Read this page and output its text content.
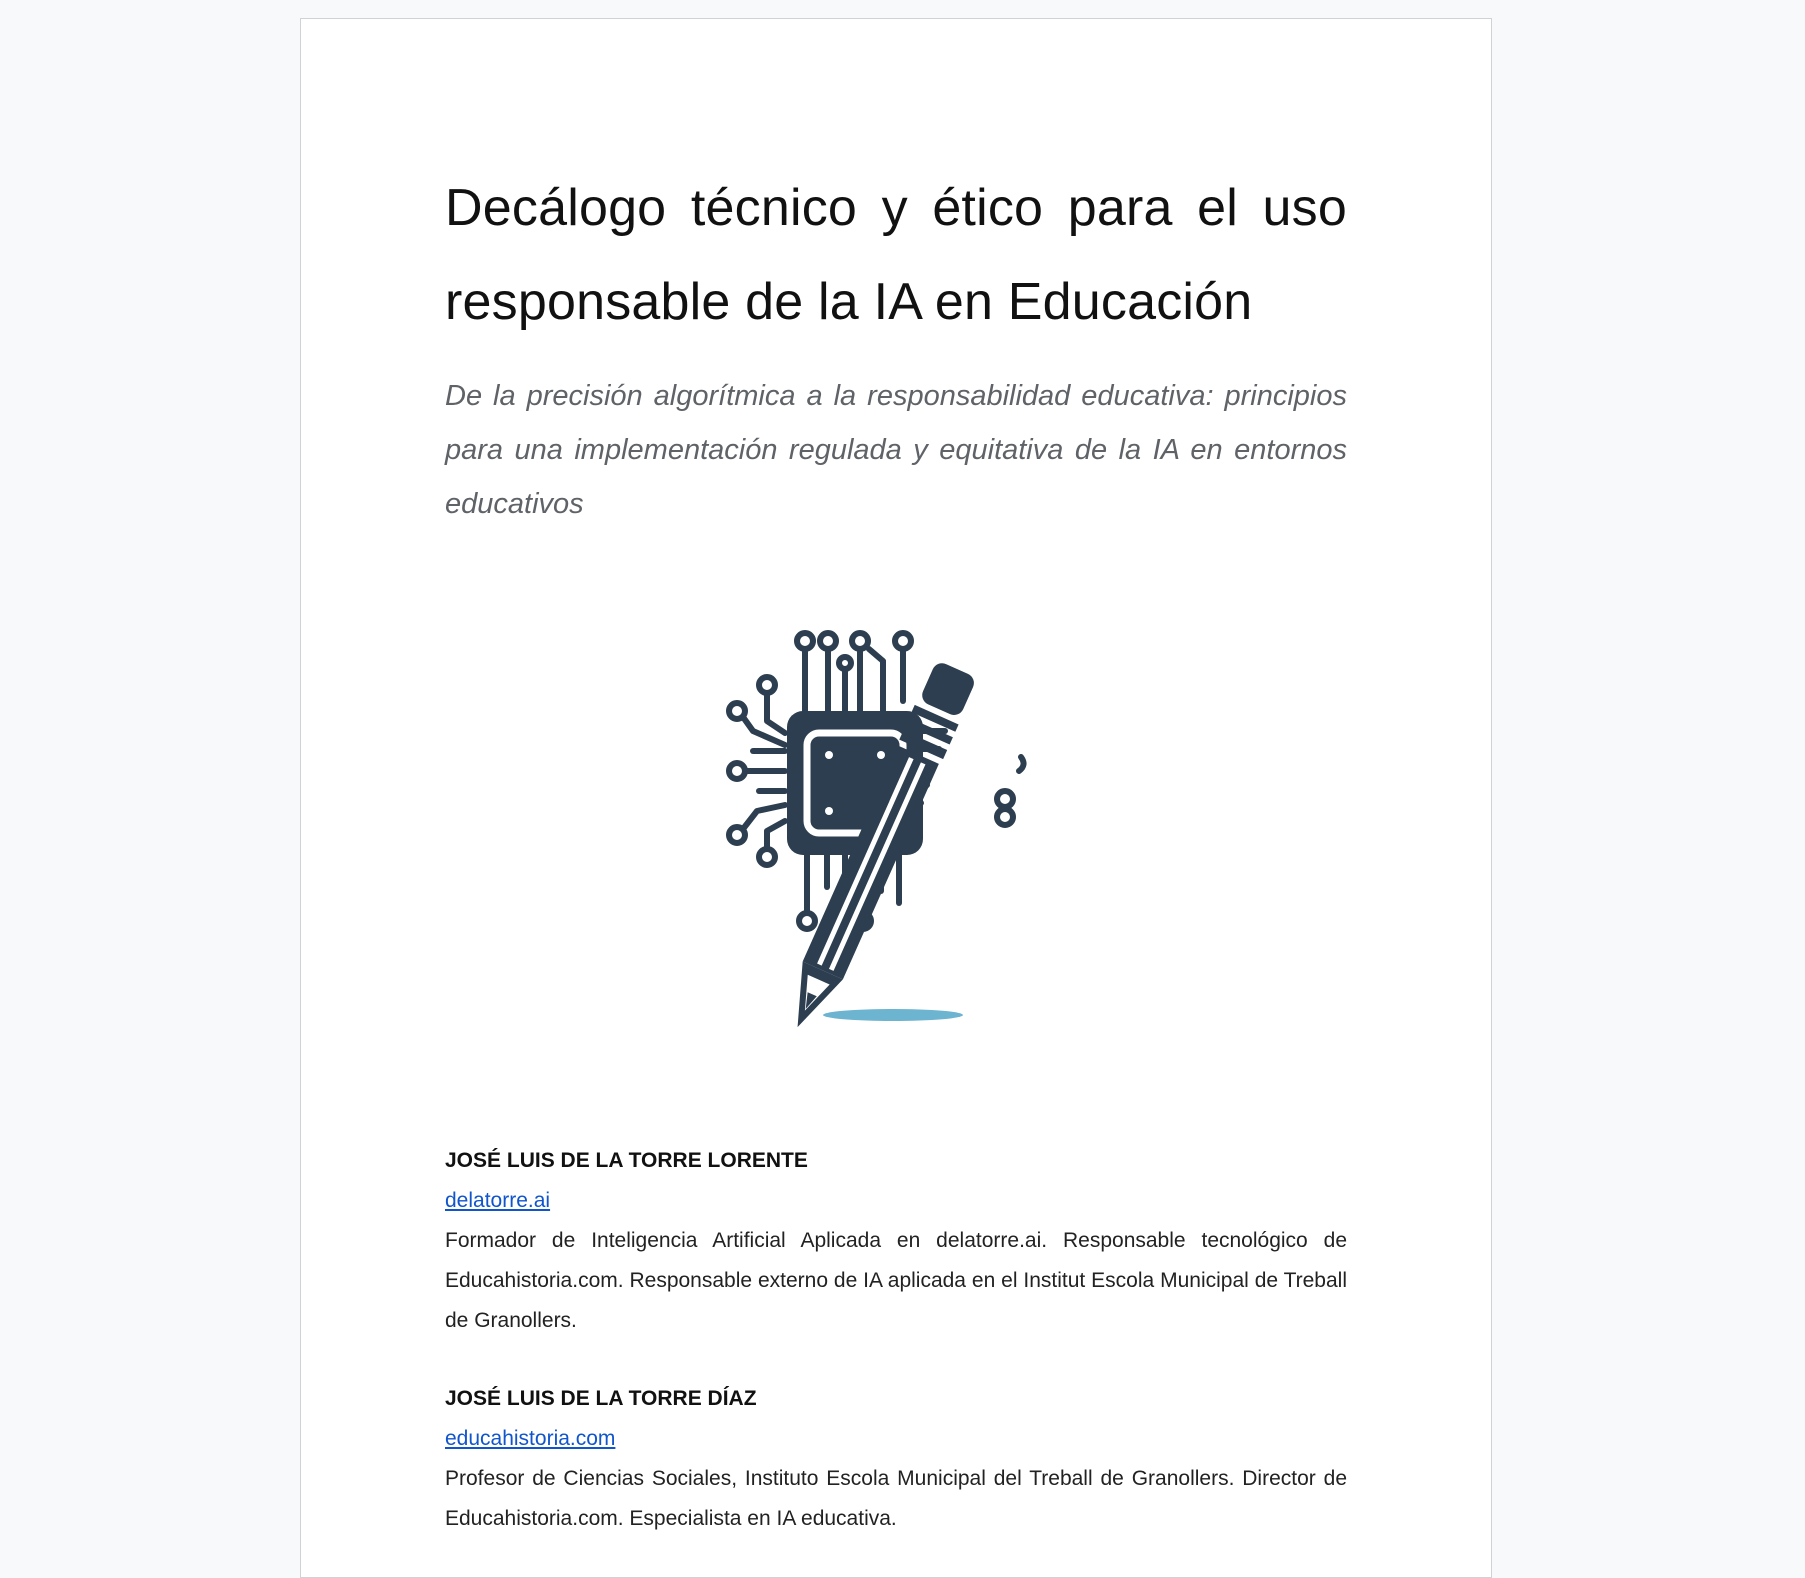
Decálogo técnico y ético para el uso responsable de la IA en Educación

De la precisión algorítmica a la responsabilidad educativa: principios para una implementación regulada y equitativa de la IA en entornos educativos

JOSÉ LUIS DE LA TORRE LORENTE
delatorre.ai

Formador de Inteligencia Artificial Aplicada en delatorre.ai. Responsable tecnológico de Educahistoria.com. Responsable externo de IA aplicada en el Institut Escola Municipal de Treball de Granollers.

JOSÉ LUIS DE LA TORRE DÍAZ
educahistoria.com

Profesor de Ciencias Sociales, Instituto Escola Municipal del Treball de Granollers. Director de Educahistoria.com. Especialista en IA educativa.
